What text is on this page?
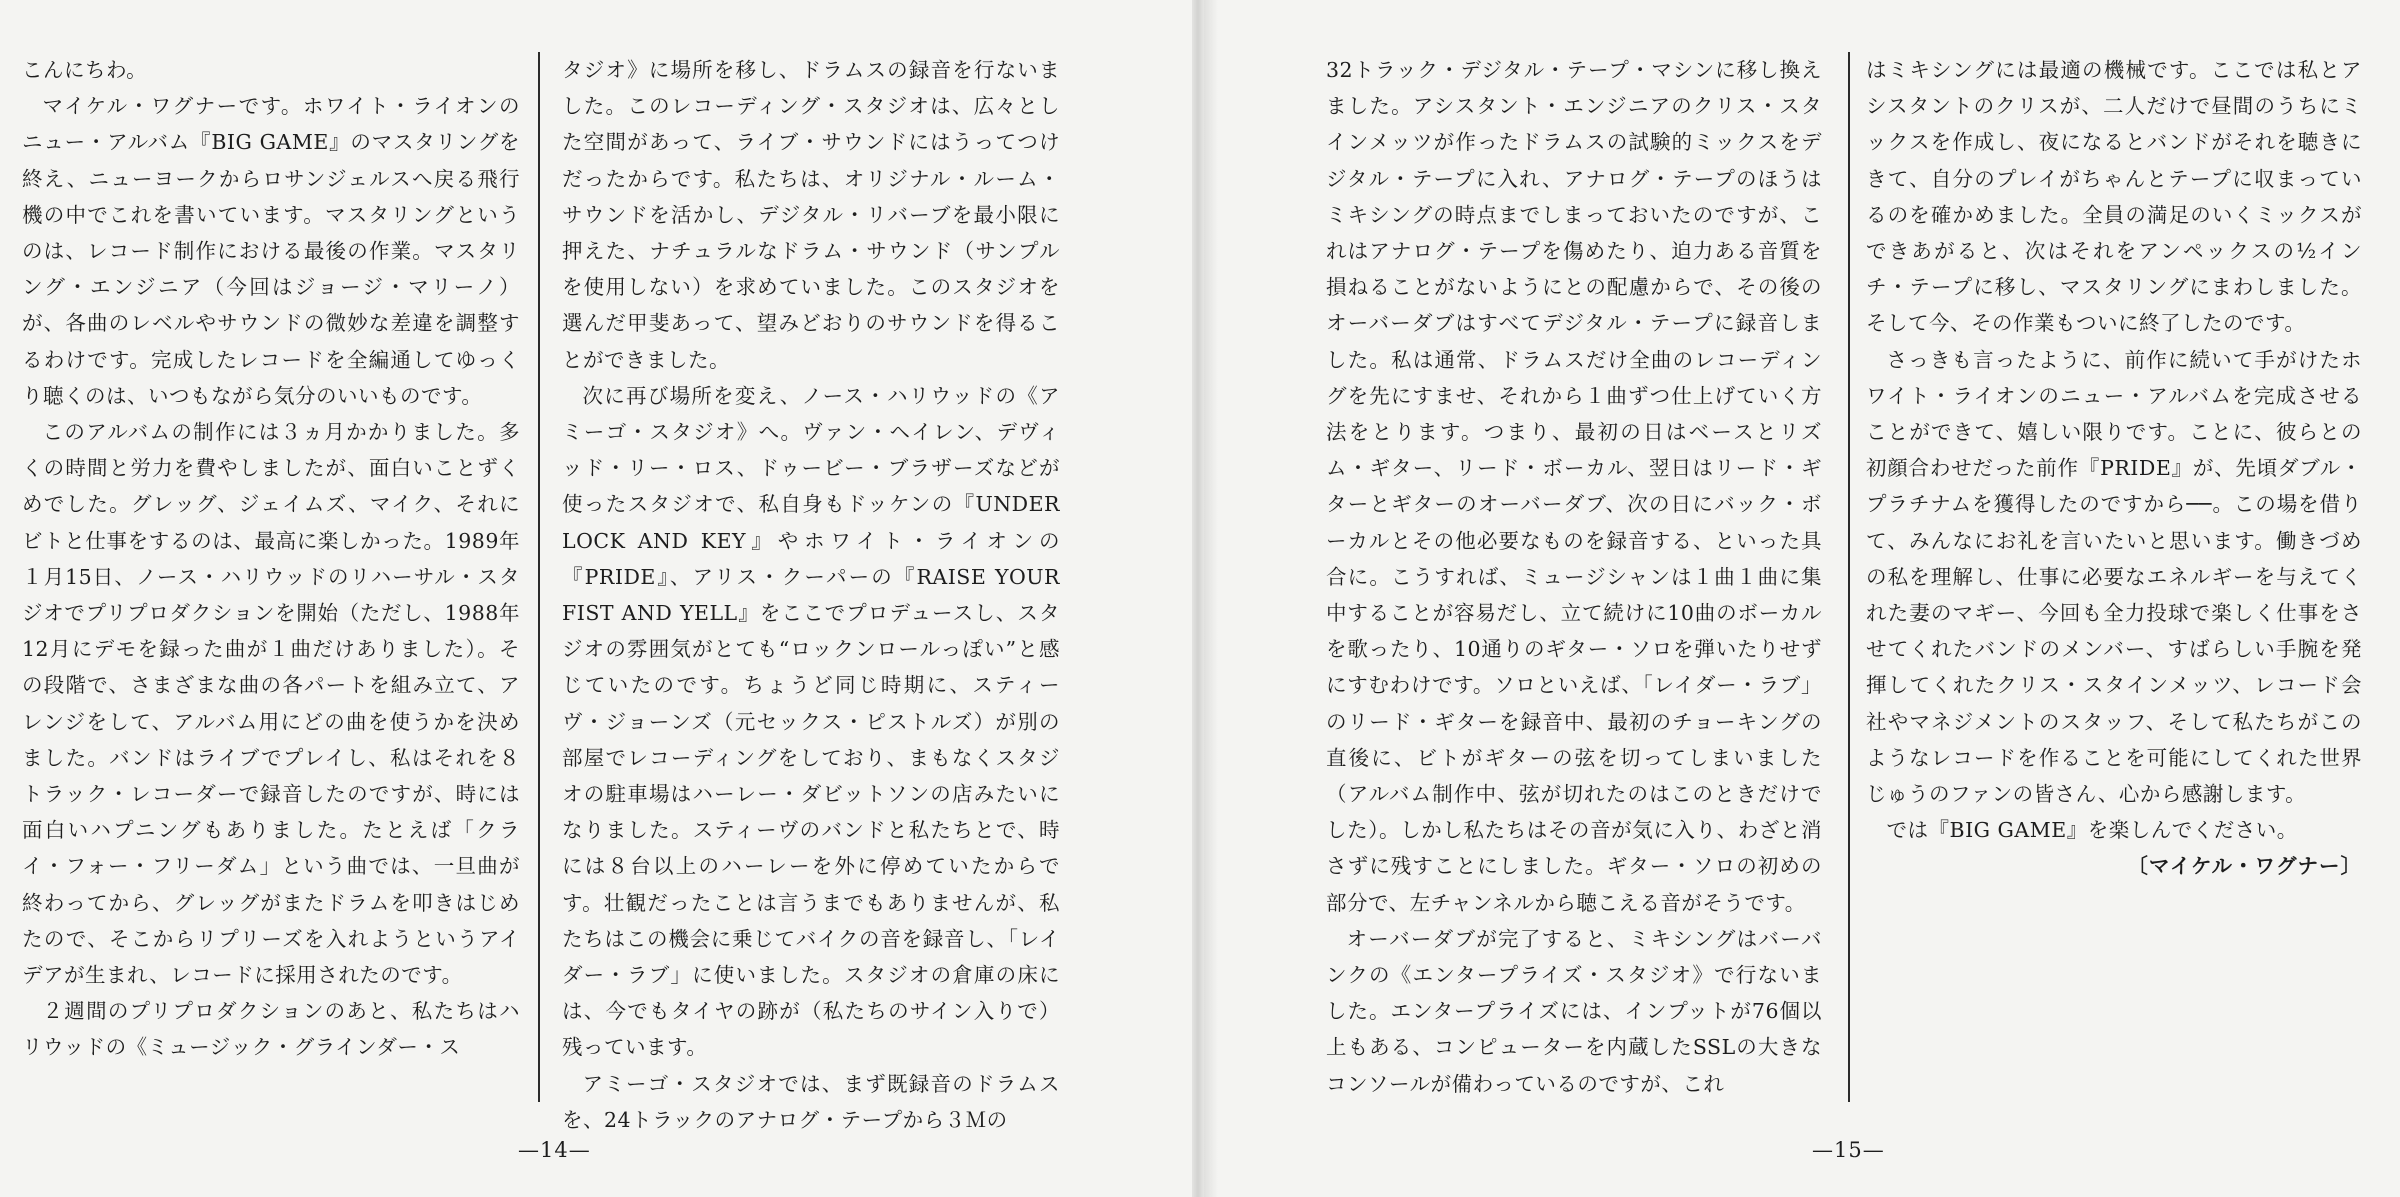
こんにちわ。

マイケル・ワグナーです。ホワイト・ライオンのニュー・アルバム『BIG GAME』のマスタリングを終え、ニューヨークからロサンジェルスへ戻る飛行機の中でこれを書いています。マスタリングというのは、レコード制作における最後の作業。マスタリング・エンジニア（今回はジョージ・マリーノ）が、各曲のレベルやサウンドの微妙な差違を調整するわけです。完成したレコードを全編通してゆっくり聴くのは、いつもながら気分のいいものです。

このアルバムの制作には３ヵ月かかりました。多くの時間と労力を費やしましたが、面白いことずくめでした。グレッグ、ジェイムズ、マイク、それにビトと仕事をするのは、最高に楽しかった。1989年１月15日、ノース・ハリウッドのリハーサル・スタジオでプリプロダクションを開始（ただし、1988年12月にデモを録った曲が１曲だけありました）。その段階で、さまざまな曲の各パートを組み立て、アレンジをして、アルバム用にどの曲を使うかを決めました。バンドはライブでプレイし、私はそれを８トラック・レコーダーで録音したのですが、時には面白いハプニングもありました。たとえば「クライ・フォー・フリーダム」という曲では、一旦曲が終わってから、グレッグがまたドラムを叩きはじめたので、そこからリプリーズを入れようというアイデアが生まれ、レコードに採用されたのです。

２週間のプリプロダクションのあと、私たちはハリウッドの《ミュージック・グラインダー・ス

タジオ》に場所を移し、ドラムスの録音を行ないました。このレコーディング・スタジオは、広々とした空間があって、ライブ・サウンドにはうってつけだったからです。私たちは、オリジナル・ルーム・サウンドを活かし、デジタル・リバーブを最小限に押えた、ナチュラルなドラム・サウンド（サンプルを使用しない）を求めていました。このスタジオを選んだ甲斐あって、望みどおりのサウンドを得ることができました。

次に再び場所を変え、ノース・ハリウッドの《アミーゴ・スタジオ》へ。ヴァン・ヘイレン、デヴィッド・リー・ロス、ドゥービー・ブラザーズなどが使ったスタジオで、私自身もドッケンの『UNDER LOCK AND KEY』やホワイト・ライオンの『PRIDE』、アリス・クーパーの『RAISE YOUR FIST AND YELL』をここでプロデュースし、スタジオの雰囲気がとても“ロックンロールっぽい”と感じていたのです。ちょうど同じ時期に、スティーヴ・ジョーンズ（元セックス・ピストルズ）が別の部屋でレコーディングをしており、まもなくスタジオの駐車場はハーレー・ダビットソンの店みたいになりました。スティーヴのバンドと私たちとで、時には８台以上のハーレーを外に停めていたからです。壮観だったことは言うまでもありませんが、私たちはこの機会に乗じてバイクの音を録音し、「レイダー・ラブ」に使いました。スタジオの倉庫の床には、今でもタイヤの跡が（私たちのサイン入りで）残っています。

アミーゴ・スタジオでは、まず既録音のドラムスを、24トラックのアナログ・テープから３Ｍの

—14—

32トラック・デジタル・テープ・マシンに移し換えました。アシスタント・エンジニアのクリス・スタインメッツが作ったドラムスの試験的ミックスをデジタル・テープに入れ、アナログ・テープのほうはミキシングの時点までしまっておいたのですが、これはアナログ・テープを傷めたり、迫力ある音質を損ねることがないようにとの配慮からで、その後のオーバーダブはすべてデジタル・テープに録音しました。私は通常、ドラムスだけ全曲のレコーディングを先にすませ、それから１曲ずつ仕上げていく方法をとります。つまり、最初の日はベースとリズム・ギター、リード・ボーカル、翌日はリード・ギターとギターのオーバーダブ、次の日にバック・ボーカルとその他必要なものを録音する、といった具合に。こうすれば、ミュージシャンは１曲１曲に集中することが容易だし、立て続けに10曲のボーカルを歌ったり、10通りのギター・ソロを弾いたりせずにすむわけです。ソロといえば、「レイダー・ラブ」のリード・ギターを録音中、最初のチョーキングの直後に、ビトがギターの弦を切ってしまいました（アルバム制作中、弦が切れたのはこのときだけでした）。しかし私たちはその音が気に入り、わざと消さずに残すことにしました。ギター・ソロの初めの部分で、左チャンネルから聴こえる音がそうです。

オーバーダブが完了すると、ミキシングはバーバンクの《エンタープライズ・スタジオ》で行ないました。エンタープライズには、インプットが76個以上もある、コンピューターを内蔵したSSLの大きなコンソールが備わっているのですが、これ

はミキシングには最適の機械です。ここでは私とアシスタントのクリスが、二人だけで昼間のうちにミックスを作成し、夜になるとバンドがそれを聴きにきて、自分のプレイがちゃんとテープに収まっているのを確かめました。全員の満足のいくミックスができあがると、次はそれをアンペックスの½インチ・テープに移し、マスタリングにまわしました。そして今、その作業もついに終了したのです。

さっきも言ったように、前作に続いて手がけたホワイト・ライオンのニュー・アルバムを完成させることができて、嬉しい限りです。ことに、彼らとの初顔合わせだった前作『PRIDE』が、先頃ダブル・プラチナムを獲得したのですから──。この場を借りて、みんなにお礼を言いたいと思います。働きづめの私を理解し、仕事に必要なエネルギーを与えてくれた妻のマギー、今回も全力投球で楽しく仕事をさせてくれたバンドのメンバー、すばらしい手腕を発揮してくれたクリス・スタインメッツ、レコード会社やマネジメントのスタッフ、そして私たちがこのようなレコードを作ることを可能にしてくれた世界じゅうのファンの皆さん、心から感謝します。

では『BIG GAME』を楽しんでください。

〔マイケル・ワグナー〕

—15—
